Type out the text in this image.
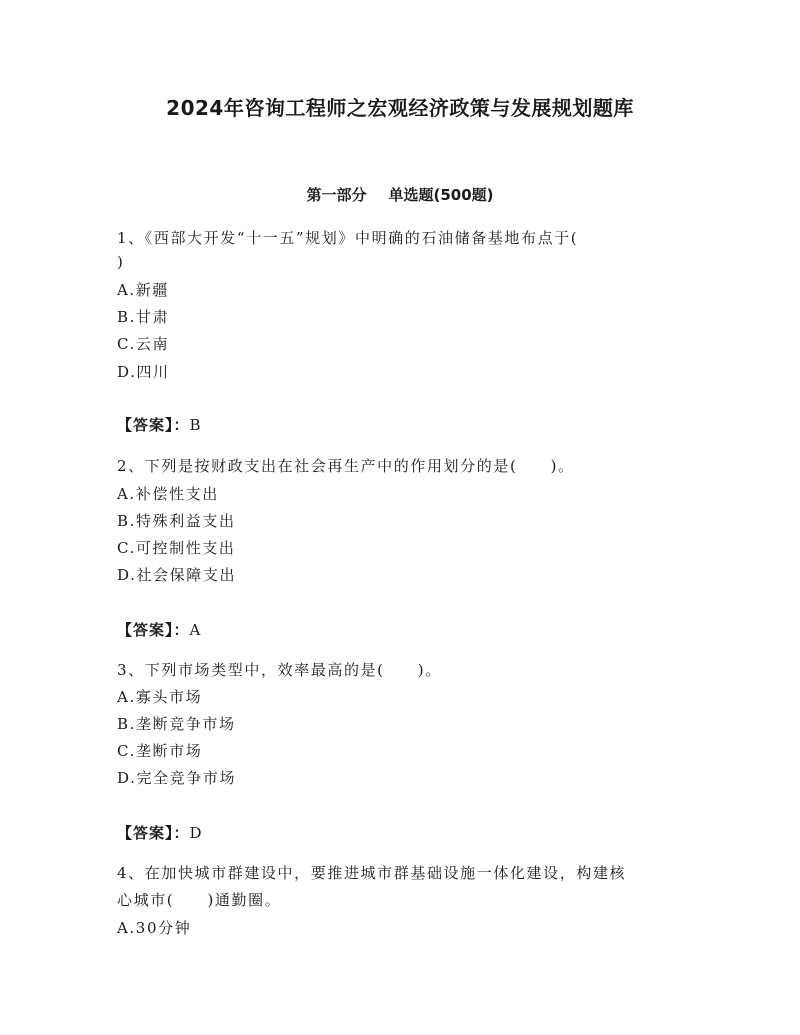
2024年咨询工程师之宏观经济政策与发展规划题库
第一部分 单选题(500题)
1、《西部大开发“十一五”规划》中明确的石油储备基地布点于(
)
A.新疆
B.甘肃
C.云南
D.四川
【答案】：B
2、下列是按财政支出在社会再生产中的作用划分的是(　　)。
A.补偿性支出
B.特殊利益支出
C.可控制性支出
D.社会保障支出
【答案】：A
3、下列市场类型中，效率最高的是(　　)。
A.寡头市场
B.垄断竞争市场
C.垄断市场
D.完全竞争市场
【答案】：D
4、在加快城市群建设中，要推进城市群基础设施一体化建设，构建核
心城市(　　)通勤圈。
A.30分钟
